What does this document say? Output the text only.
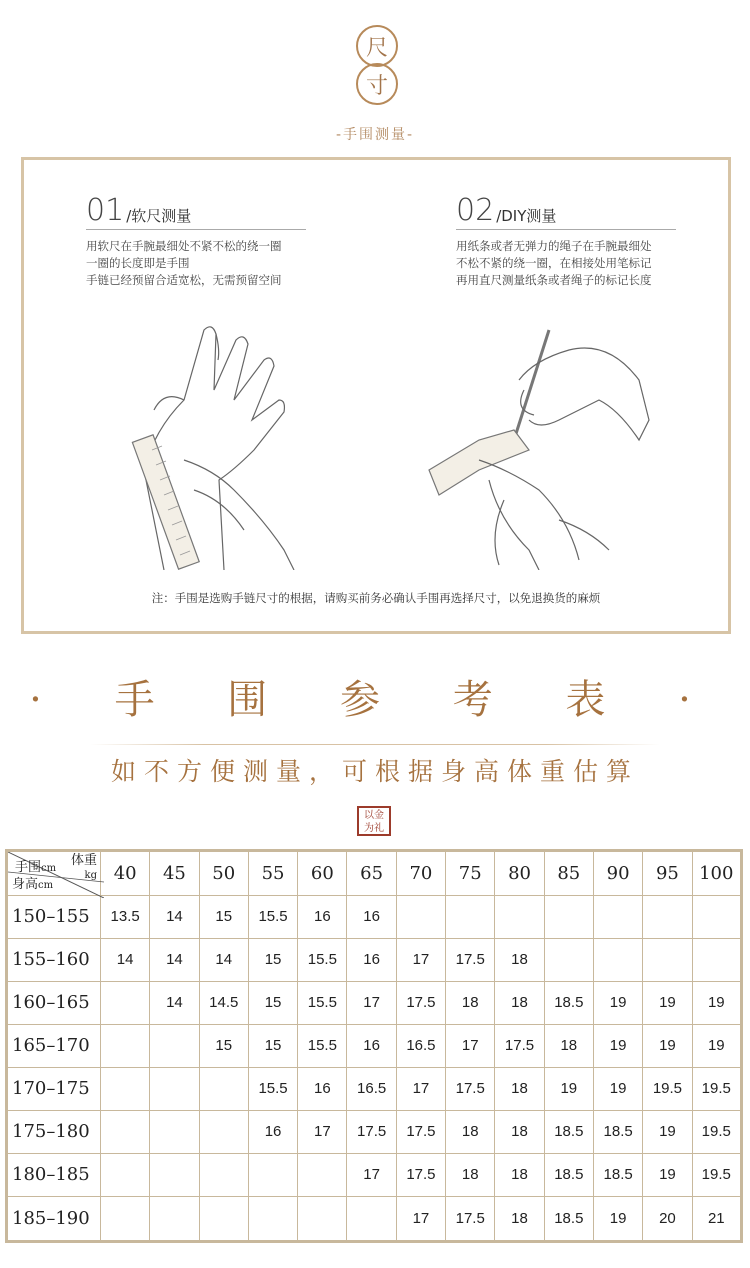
尺
寸
-手围测量-
01 /软尺测量
用软尺在手腕最细处不紧不松的绕一圈
一圈的长度即是手围
手链已经预留合适宽松，无需预留空间
02 /DIY测量
用纸条或者无弹力的绳子在手腕最细处
不松不紧的绕一圈，在相接处用笔标记
再用直尺测量纸条或者绳子的标记长度
注：手围是选购手链尺寸的根据，请购买前务必确认手围再选择尺寸，以免退换货的麻烦
· 手 围 参 考 表 ·
如不方便测量，可根据身高体重估算
以金
为礼
手围cm
体重
kg
身高cm	40	45	50	55	60	65	70	75	80	85	90	95	100
150–155	13.5	14	15	15.5	16	16							
155–160	14	14	14	15	15.5	16	17	17.5	18				
160–165		14	14.5	15	15.5	17	17.5	18	18	18.5	19	19	19
165–170			15	15	15.5	16	16.5	17	17.5	18	19	19	19
170–175				15.5	16	16.5	17	17.5	18	19	19	19.5	19.5
175–180				16	17	17.5	17.5	18	18	18.5	18.5	19	19.5
180–185						17	17.5	18	18	18.5	18.5	19	19.5
185–190							17	17.5	18	18.5	19	20	21
